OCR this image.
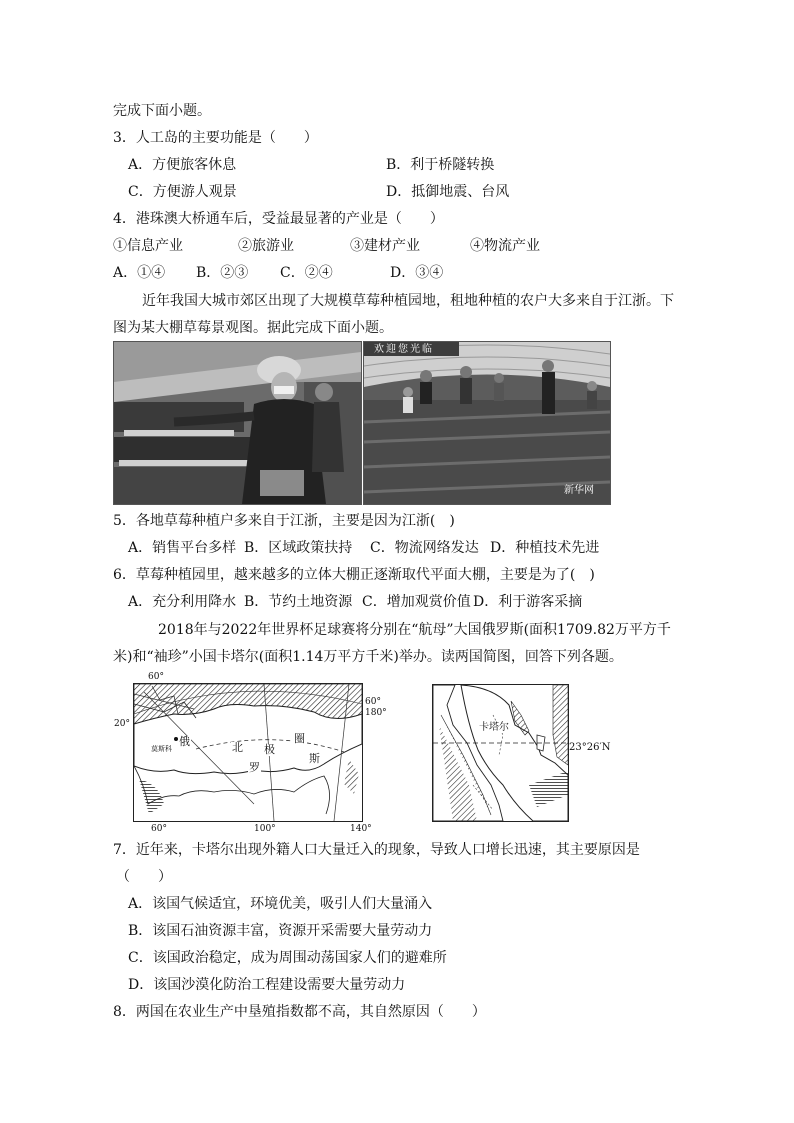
完成下面小题。
3．人工岛的主要功能是（　　）
A．方便旅客休息	B．利于桥隧转换
C．方便游人观景	D．抵御地震、台风
4．港珠澳大桥通车后，受益最显著的产业是（　　）
①信息产业	②旅游业	③建材产业	④物流产业
A．①④ B．②③ C．②④	D．③④
近年我国大城市郊区出现了大规模草莓种植园地，租地种植的农户大多来自于江浙。下
图为某大棚草莓景观图。据此完成下面小题。
欢迎您光临
新华网
5．各地草莓种植户多来自于江浙，主要是因为江浙(　)
A．销售平台多样 B．区域政策扶持 C．物流网络发达 D．种植技术先进
6．草莓种植园里，越来越多的立体大棚正逐渐取代平面大棚，主要是为了(　)
A．充分利用降水 B．节约土地资源 C．增加观赏价值 D．利于游客采摘
2018年与2022年世界杯足球赛将分别在“航母”大国俄罗斯(面积1709.82万平方千
米)和“袖珍”小国卡塔尔(面积1.14万平方千米)举办。读两国简图，回答下列各题。
俄	北 极
圈
罗
斯
莫斯科
60°
20°
60°
180°
60°	100°	140°
卡塔尔
23°26′N
7．近年来，卡塔尔出现外籍人口大量迁入的现象，导致人口增长迅速，其主要原因是
（　　）
A．该国气候适宜，环境优美，吸引人们大量涌入
B．该国石油资源丰富，资源开采需要大量劳动力
C．该国政治稳定，成为周围动荡国家人们的避难所
D．该国沙漠化防治工程建设需要大量劳动力
8．两国在农业生产中垦殖指数都不高，其自然原因（　　）
